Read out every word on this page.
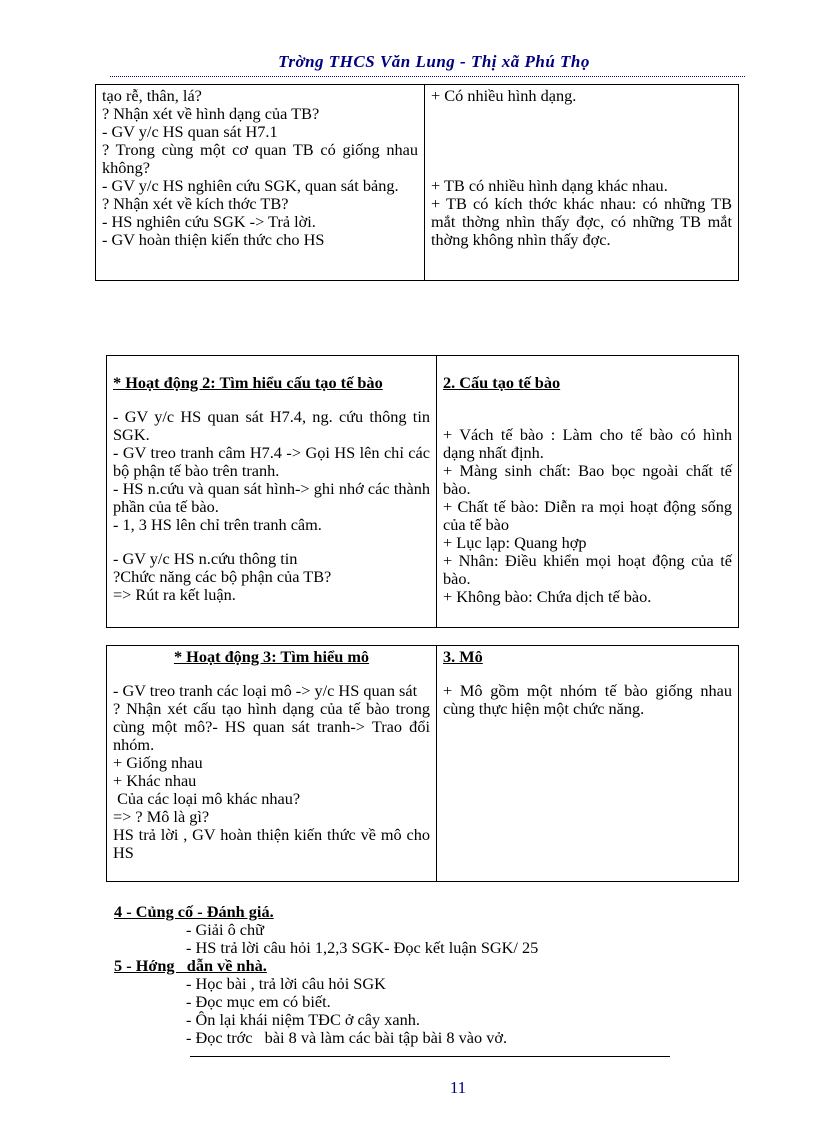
Trờng THCS Văn Lung - Thị xã Phú Thọ
tạo rễ, thân, lá?
? Nhận xét về hình dạng của TB?
- GV y/c HS quan sát H7.1
? Trong cùng một cơ quan TB có giống nhau không?
- GV y/c HS nghiên cứu SGK, quan sát bảng.
? Nhận xét về kích thớc TB?
- HS nghiên cứu SGK -> Trả lời.
- GV hoàn thiện kiến thức cho HS

+ Có nhiều hình dạng.
+ TB có nhiều hình dạng khác nhau.
+ TB có kích thớc khác nhau: có những TB mắt thờng nhìn thấy đợc, có những TB mắt thờng không nhìn thấy đợc.
* Hoạt động 2: Tìm hiểu cấu tạo tế bào
- GV y/c HS quan sát H7.4, ng. cứu thông tin SGK.
- GV treo tranh câm H7.4 -> Gọi HS lên chỉ các bộ phận tế bào trên tranh.
- HS n.cứu và quan sát hình-> ghi nhớ các thành phần của tế bào.
- 1, 3 HS lên chỉ trên tranh câm.
- GV y/c HS n.cứu thông tin
?Chức năng các bộ phận của TB?
=> Rút ra kết luận.

2. Cấu tạo tế bào
+ Vách tế bào : Làm cho tế bào có hình dạng nhất định.
+ Màng sinh chất: Bao bọc ngoài chất tế bào.
+ Chất tế bào: Diễn ra mọi hoạt động sống của tế bào
+ Lục lạp: Quang hợp
+ Nhân: Điều khiển mọi hoạt động của tế bào.
+ Không bào: Chứa dịch tế bào.
* Hoạt động 3: Tìm hiểu mô
- GV treo tranh các loại mô -> y/c HS quan sát
? Nhận xét cấu tạo hình dạng của tế bào trong cùng một mô?- HS quan sát tranh-> Trao đổi nhóm.
+ Giống nhau
+ Khác nhau
Của các loại mô khác nhau?
=> ? Mô là gì?
HS trả lời , GV hoàn thiện kiến thức về mô cho HS

3. Mô
+ Mô gồm một nhóm tế bào giống nhau cùng thực hiện một chức năng.
4 - Củng cố - Đánh giá.
- Giải ô chữ
- HS trả lời câu hỏi 1,2,3 SGK- Đọc kết luận SGK/ 25
5 - Hớng   dẫn về nhà.
- Học bài , trả lời câu hỏi SGK
- Đọc mục em có biết.
- Ôn lại khái niệm TĐC ở cây xanh.
- Đọc trớc   bài 8 và làm các bài tập bài 8 vào vở.
11
